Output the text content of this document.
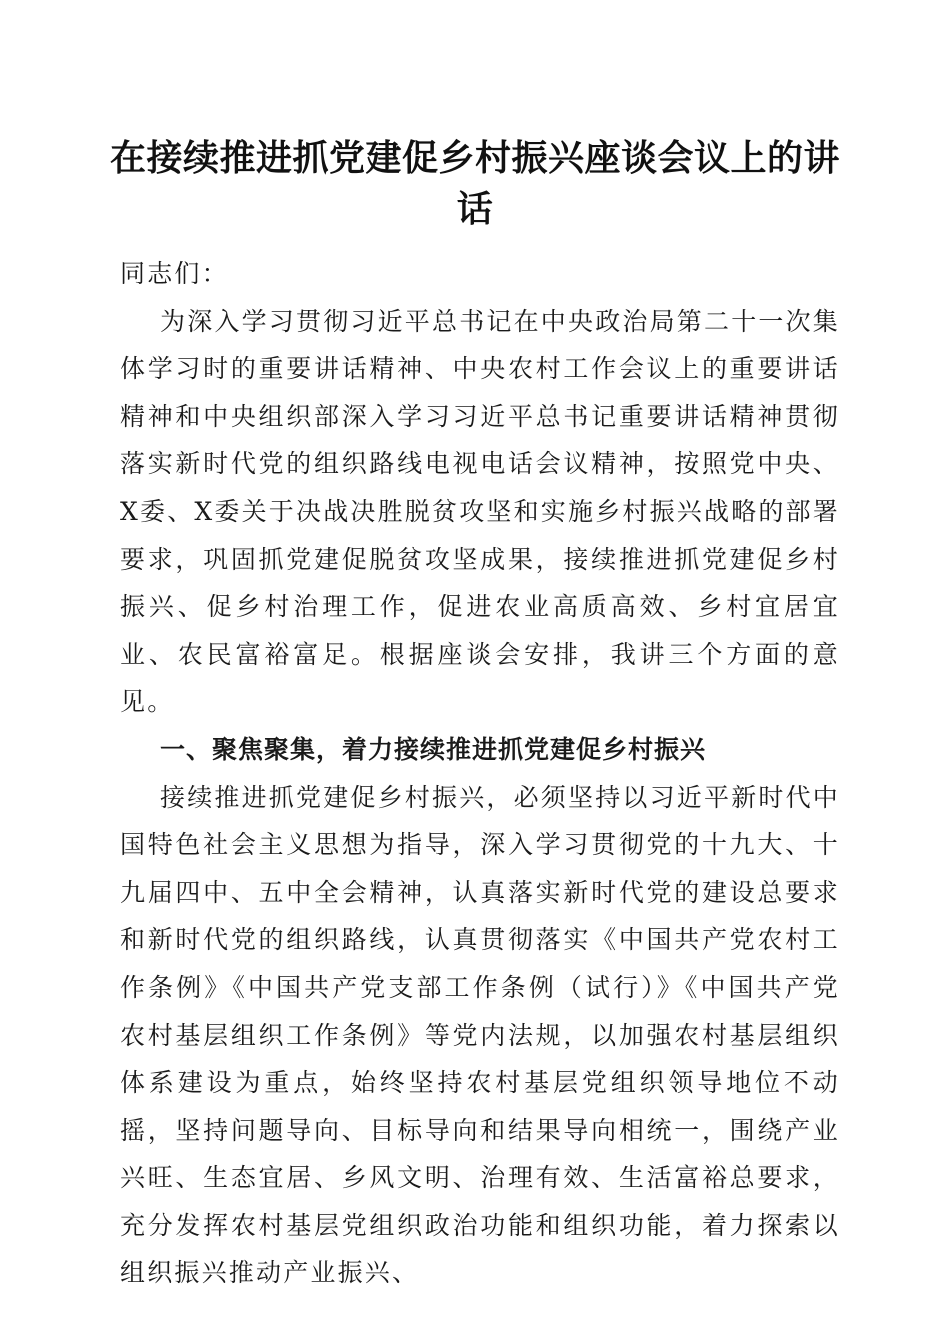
在接续推进抓党建促乡村振兴座谈会议上的讲话

同志们：

为深入学习贯彻习近平总书记在中央政治局第二十一次集体学习时的重要讲话精神、中央农村工作会议上的重要讲话精神和中央组织部深入学习习近平总书记重要讲话精神贯彻落实新时代党的组织路线电视电话会议精神，按照党中央、X委、X委关于决战决胜脱贫攻坚和实施乡村振兴战略的部署要求，巩固抓党建促脱贫攻坚成果，接续推进抓党建促乡村振兴、促乡村治理工作，促进农业高质高效、乡村宜居宜业、农民富裕富足。根据座谈会安排，我讲三个方面的意见。

一、聚焦聚集，着力接续推进抓党建促乡村振兴

接续推进抓党建促乡村振兴，必须坚持以习近平新时代中国特色社会主义思想为指导，深入学习贯彻党的十九大、十九届四中、五中全会精神，认真落实新时代党的建设总要求和新时代党的组织路线，认真贯彻落实《中国共产党农村工作条例》《中国共产党支部工作条例（试行）》《中国共产党农村基层组织工作条例》等党内法规，以加强农村基层组织体系建设为重点，始终坚持农村基层党组织领导地位不动摇，坚持问题导向、目标导向和结果导向相统一，围绕产业兴旺、生态宜居、乡风文明、治理有效、生活富裕总要求，充分发挥农村基层党组织政治功能和组织功能，着力探索以组织振兴推动产业振兴、
